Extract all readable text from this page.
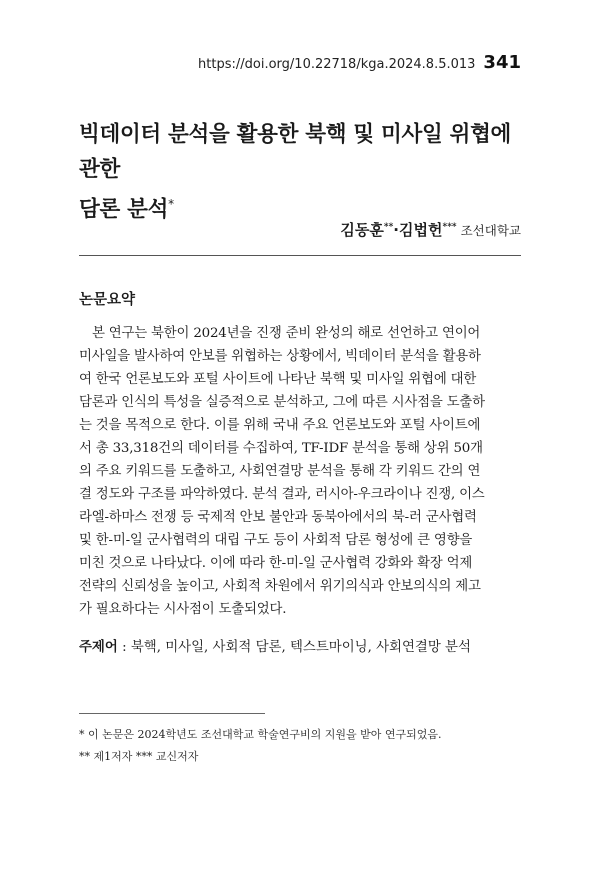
https://doi.org/10.22718/kga.2024.8.5.013 341
빅데이터 분석을 활용한 북핵 및 미사일 위협에 관한
담론 분석*
김동훈**·김법헌*** 조선대학교
논문요약
본 연구는 북한이 2024년을 진쟁 준비 완성의 해로 선언하고 연이어
미사일을 발사하여 안보를 위협하는 상황에서, 빅데이터 분석을 활용하
여 한국 언론보도와 포털 사이트에 나타난 북핵 및 미사일 위협에 대한
담론과 인식의 특성을 실증적으로 분석하고, 그에 따른 시사점을 도출하
는 것을 목적으로 한다. 이를 위해 국내 주요 언론보도와 포털 사이트에
서 총 33,318건의 데이터를 수집하여, TF-IDF 분석을 통해 상위 50개
의 주요 키워드를 도출하고, 사회연결망 분석을 통해 각 키워드 간의 연
결 정도와 구조를 파악하였다. 분석 결과, 러시아-우크라이나 진쟁, 이스
라엘-하마스 전쟁 등 국제적 안보 불안과 동북아에서의 북-러 군사협력
및 한-미-일 군사협력의 대립 구도 등이 사회적 담론 형성에 큰 영향을
미친 것으로 나타났다. 이에 따라 한-미-일 군사협력 강화와 확장 억제
전략의 신뢰성을 높이고, 사회적 차원에서 위기의식과 안보의식의 제고
가 필요하다는 시사점이 도출되었다.
주제어 : 북핵, 미사일, 사회적 담론, 텍스트마이닝, 사회연결망 분석
* 이 논문은 2024학년도 조선대학교 학술연구비의 지원을 받아 연구되었음.
** 제1저자 *** 교신저자
